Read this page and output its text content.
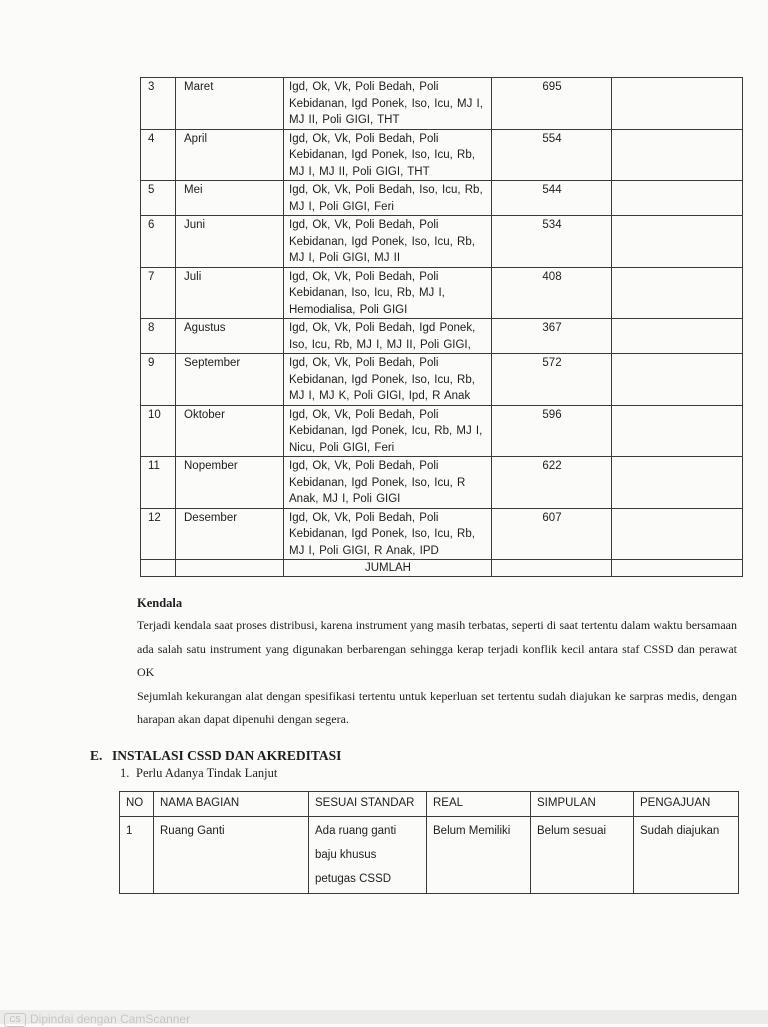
3	Maret	Igd, Ok, Vk, Poli Bedah, Poli Kebidanan, Igd Ponek, Iso, Icu, MJ I, MJ II, Poli GIGI, THT	695	
4	April	Igd, Ok, Vk, Poli Bedah, Poli Kebidanan, Igd Ponek, Iso, Icu, Rb, MJ I, MJ II, Poli GIGI, THT	554	
5	Mei	Igd, Ok, Vk, Poli Bedah, Iso, Icu, Rb, MJ I, Poli GIGI, Feri	544	
6	Juni	Igd, Ok, Vk, Poli Bedah, Poli Kebidanan, Igd Ponek, Iso, Icu, Rb, MJ I, Poli GIGI, MJ II	534	
7	Juli	Igd, Ok, Vk, Poli Bedah, Poli Kebidanan, Iso, Icu, Rb, MJ I, Hemodialisa, Poli GIGI	408	
8	Agustus	Igd, Ok, Vk, Poli Bedah, Igd Ponek, Iso, Icu, Rb, MJ I, MJ II, Poli GIGI,	367	
9	September	Igd, Ok, Vk, Poli Bedah, Poli Kebidanan, Igd Ponek, Iso, Icu, Rb, MJ I, MJ K, Poli GIGI, Ipd, R Anak	572	
10	Oktober	Igd, Ok, Vk, Poli Bedah, Poli Kebidanan, Igd Ponek, Icu, Rb, MJ I, Nicu, Poli GIGI, Feri	596	
11	Nopember	Igd, Ok, Vk, Poli Bedah, Poli Kebidanan, Igd Ponek, Iso, Icu, R Anak, MJ I, Poli GIGI	622	
12	Desember	Igd, Ok, Vk, Poli Bedah, Poli Kebidanan, Igd Ponek, Iso, Icu, Rb, MJ I, Poli GIGI, R Anak, IPD	607	
		JUMLAH		
Kendala

Terjadi kendala saat proses distribusi, karena instrument yang masih terbatas, seperti di saat tertentu dalam waktu bersamaan ada salah satu instrument yang digunakan berbarengan sehingga kerap terjadi konflik kecil antara staf CSSD dan perawat OK

Sejumlah kekurangan alat dengan spesifikasi tertentu untuk keperluan set tertentu sudah diajukan ke sarpras medis, dengan harapan akan dapat dipenuhi dengan segera.

E. INSTALASI CSSD DAN AKREDITASI
1. Perlu Adanya Tindak Lanjut
NO	NAMA BAGIAN	SESUAI STANDAR	REAL	SIMPULAN	PENGAJUAN
1	Ruang Ganti	Ada ruang ganti baju khusus petugas CSSD	Belum Memiliki	Belum sesuai	Sudah diajukan
CS Dipindai dengan CamScanner
